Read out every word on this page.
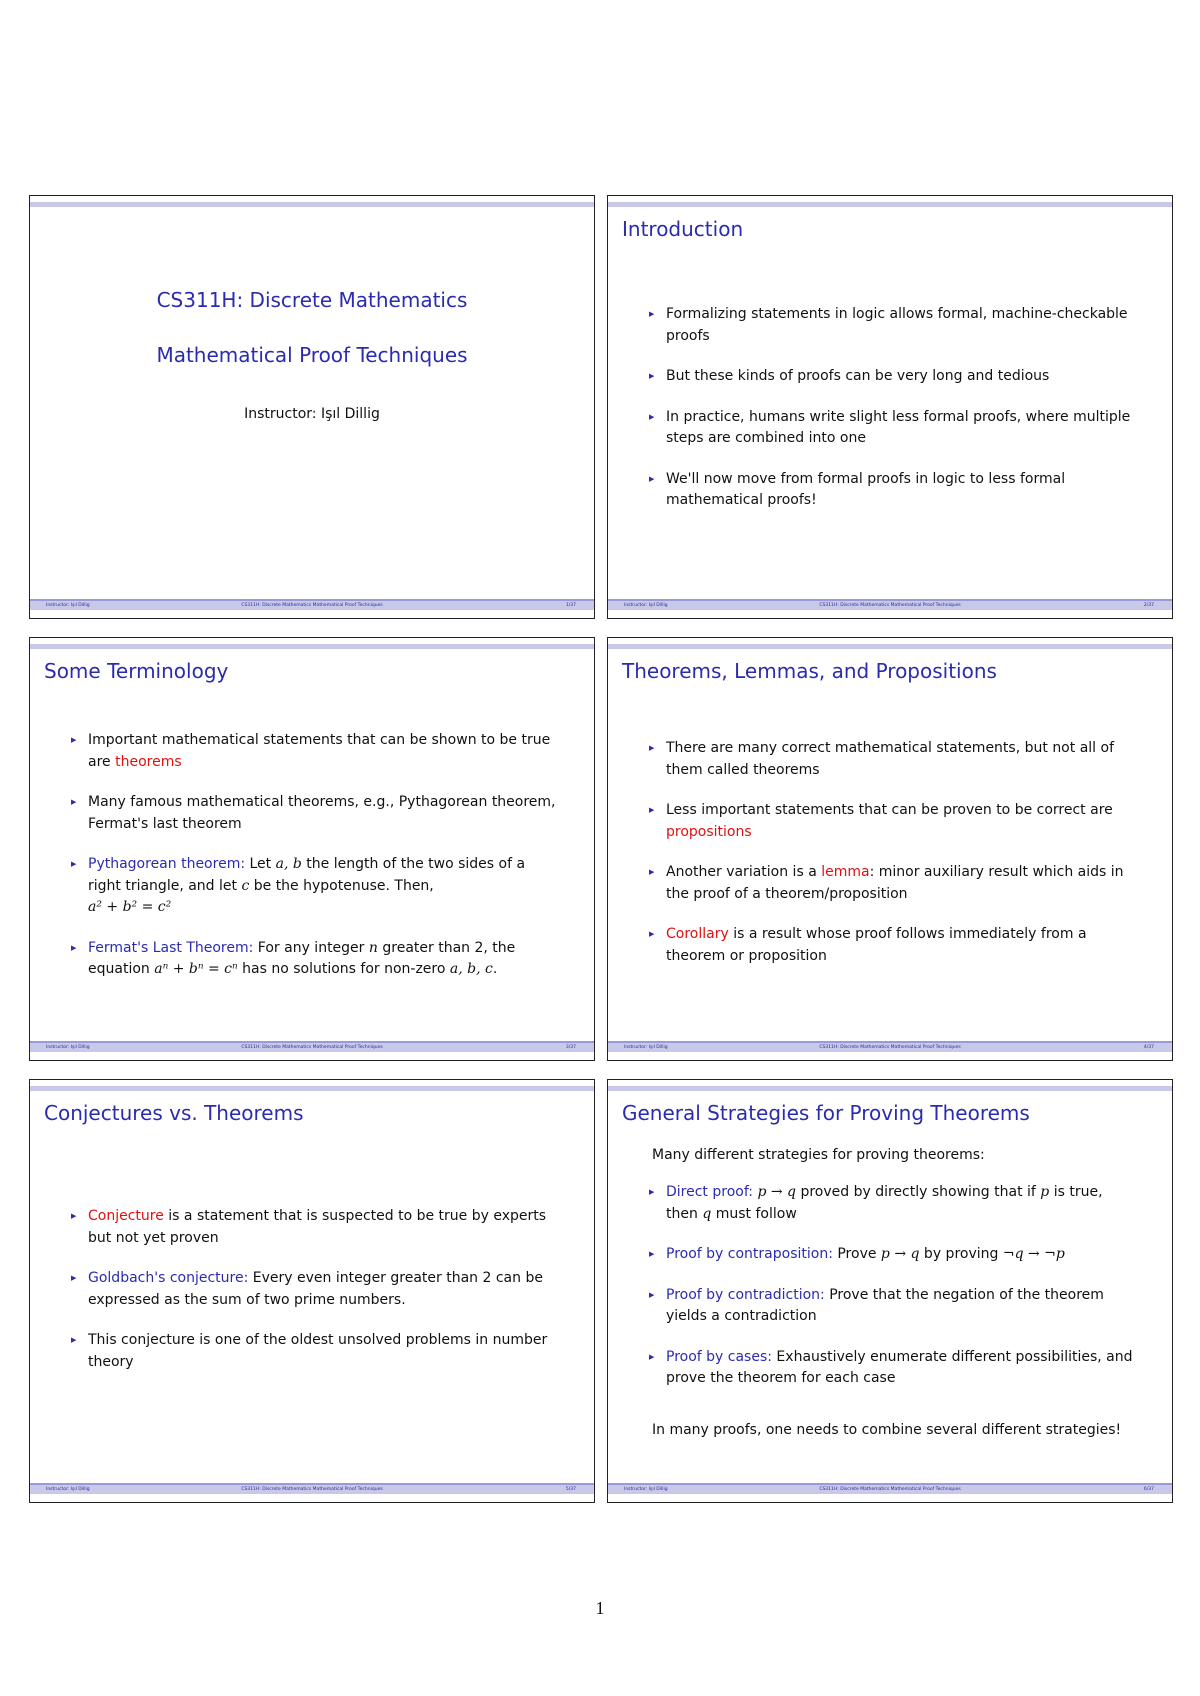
CS311H: Discrete Mathematics
Mathematical Proof Techniques
Instructor: Işıl Dillig
Instructor: Işıl Dillig	CS311H: Discrete Mathematics Mathematical Proof Techniques	1/37
Introduction
▶ Formalizing statements in logic allows formal, machine-checkable proofs
▶ But these kinds of proofs can be very long and tedious
▶ In practice, humans write slight less formal proofs, where multiple steps are combined into one
▶ We'll now move from formal proofs in logic to less formal mathematical proofs!
Instructor: Işıl Dillig	CS311H: Discrete Mathematics Mathematical Proof Techniques	2/37
Some Terminology
▶ Important mathematical statements that can be shown to be true are theorems
▶ Many famous mathematical theorems, e.g., Pythagorean theorem, Fermat's last theorem
▶ Pythagorean theorem: Let a, b the length of the two sides of a right triangle, and let c be the hypotenuse. Then,
a² + b² = c²
▶ Fermat's Last Theorem: For any integer n greater than 2, the equation aⁿ + bⁿ = cⁿ has no solutions for non-zero a, b, c.
Instructor: Işıl Dillig	CS311H: Discrete Mathematics Mathematical Proof Techniques	3/37
Theorems, Lemmas, and Propositions
▶ There are many correct mathematical statements, but not all of them called theorems
▶ Less important statements that can be proven to be correct are propositions
▶ Another variation is a lemma: minor auxiliary result which aids in the proof of a theorem/proposition
▶ Corollary is a result whose proof follows immediately from a theorem or proposition
Instructor: Işıl Dillig	CS311H: Discrete Mathematics Mathematical Proof Techniques	4/37
Conjectures vs. Theorems
▶ Conjecture is a statement that is suspected to be true by experts but not yet proven
▶ Goldbach's conjecture: Every even integer greater than 2 can be expressed as the sum of two prime numbers.
▶ This conjecture is one of the oldest unsolved problems in number theory
Instructor: Işıl Dillig	CS311H: Discrete Mathematics Mathematical Proof Techniques	5/37
General Strategies for Proving Theorems
Many different strategies for proving theorems:
▶ Direct proof: p → q proved by directly showing that if p is true, then q must follow
▶ Proof by contraposition: Prove p → q by proving ¬q → ¬p
▶ Proof by contradiction: Prove that the negation of the theorem yields a contradiction
▶ Proof by cases: Exhaustively enumerate different possibilities, and prove the theorem for each case
In many proofs, one needs to combine several different strategies!
Instructor: Işıl Dillig	CS311H: Discrete Mathematics Mathematical Proof Techniques	6/37
1
